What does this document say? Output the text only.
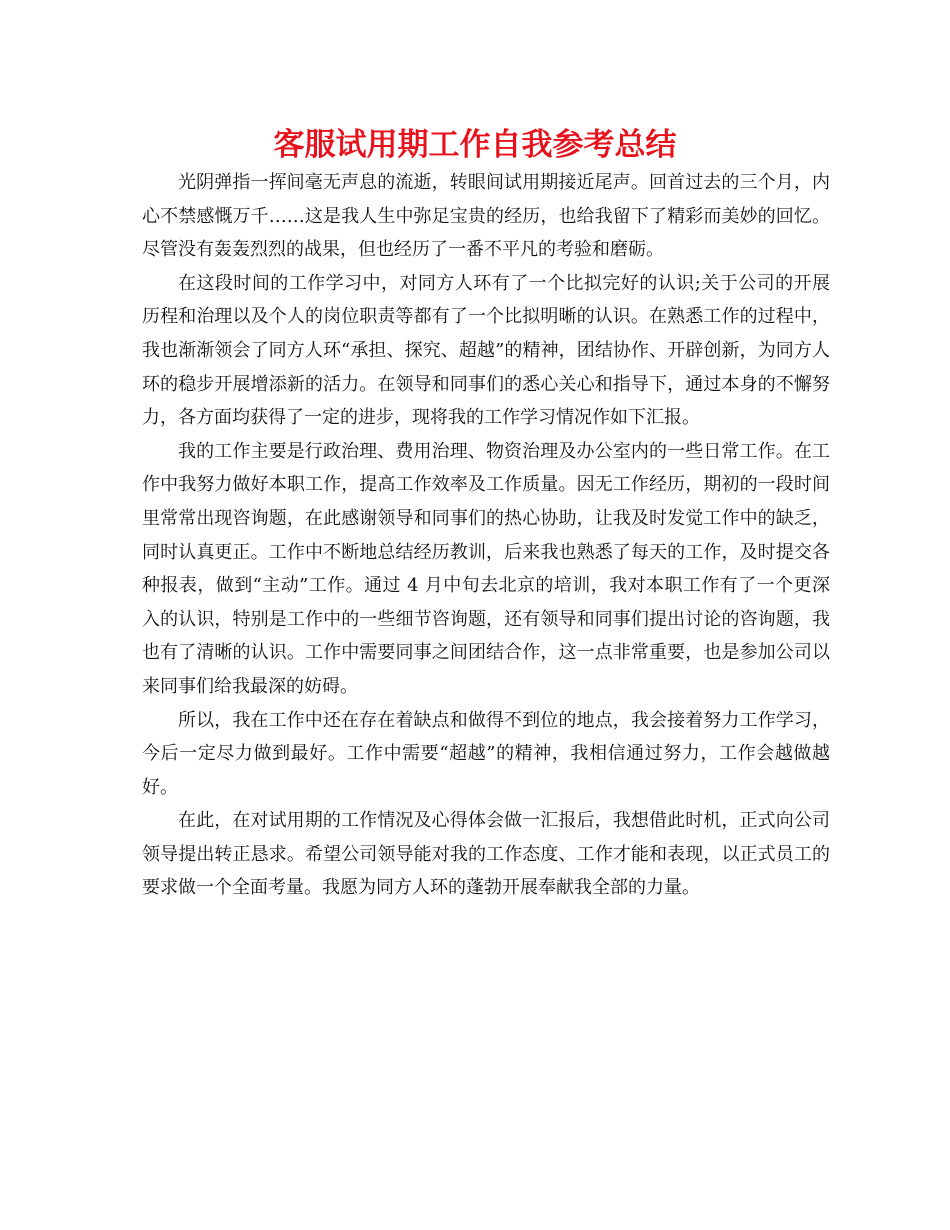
客服试用期工作自我参考总结

光阴弹指一挥间毫无声息的流逝，转眼间试用期接近尾声。回首过去的三个月，内心不禁感慨万千……这是我人生中弥足宝贵的经历，也给我留下了精彩而美妙的回忆。尽管没有轰轰烈烈的战果，但也经历了一番不平凡的考验和磨砺。

在这段时间的工作学习中，对同方人环有了一个比拟完好的认识;关于公司的开展历程和治理以及个人的岗位职责等都有了一个比拟明晰的认识。在熟悉工作的过程中，我也渐渐领会了同方人环“承担、探究、超越”的精神，团结协作、开辟创新，为同方人环的稳步开展增添新的活力。在领导和同事们的悉心关心和指导下，通过本身的不懈努力，各方面均获得了一定的进步，现将我的工作学习情况作如下汇报。

我的工作主要是行政治理、费用治理、物资治理及办公室内的一些日常工作。在工作中我努力做好本职工作，提高工作效率及工作质量。因无工作经历，期初的一段时间里常常出现咨询题，在此感谢领导和同事们的热心协助，让我及时发觉工作中的缺乏，同时认真更正。工作中不断地总结经历教训，后来我也熟悉了每天的工作，及时提交各种报表，做到“主动”工作。通过 4 月中旬去北京的培训，我对本职工作有了一个更深入的认识，特别是工作中的一些细节咨询题，还有领导和同事们提出讨论的咨询题，我也有了清晰的认识。工作中需要同事之间团结合作，这一点非常重要，也是参加公司以来同事们给我最深的妨碍。

所以，我在工作中还在存在着缺点和做得不到位的地点，我会接着努力工作学习，今后一定尽力做到最好。工作中需要“超越”的精神，我相信通过努力，工作会越做越好。

在此，在对试用期的工作情况及心得体会做一汇报后，我想借此时机，正式向公司领导提出转正恳求。希望公司领导能对我的工作态度、工作才能和表现，以正式员工的要求做一个全面考量。我愿为同方人环的蓬勃开展奉献我全部的力量。
